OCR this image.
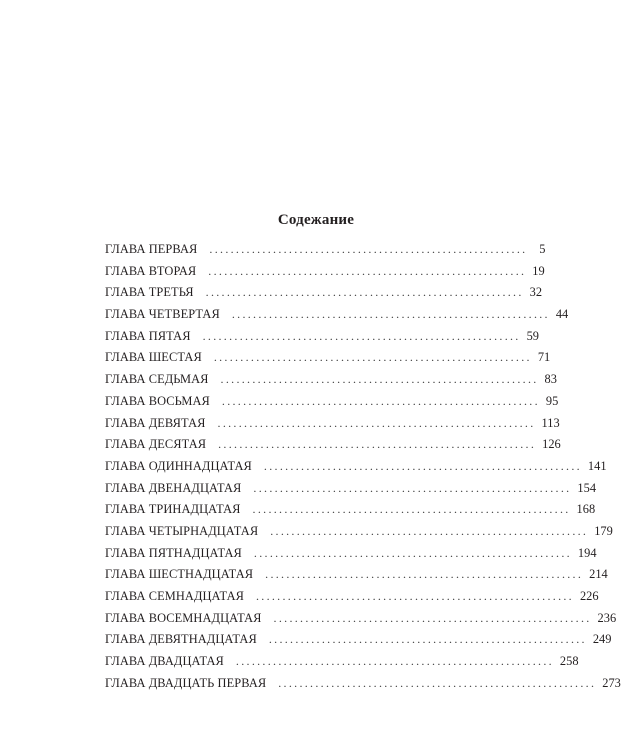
Содежание
ГЛАВА ПЕРВАЯ ............................................................ 5
ГЛАВА ВТОРАЯ ............................................................ 19
ГЛАВА ТРЕТЬЯ ............................................................ 32
ГЛАВА ЧЕТВЕРТАЯ ............................................................ 44
ГЛАВА ПЯТАЯ ............................................................ 59
ГЛАВА ШЕСТАЯ ............................................................ 71
ГЛАВА СЕДЬМАЯ ............................................................ 83
ГЛАВА ВОСЬМАЯ ............................................................ 95
ГЛАВА ДЕВЯТАЯ ............................................................ 113
ГЛАВА ДЕСЯТАЯ ............................................................ 126
ГЛАВА ОДИННАДЦАТАЯ ............................................................ 141
ГЛАВА ДВЕНАДЦАТАЯ ............................................................ 154
ГЛАВА ТРИНАДЦАТАЯ ............................................................ 168
ГЛАВА ЧЕТЫРНАДЦАТАЯ ............................................................ 179
ГЛАВА ПЯТНАДЦАТАЯ ............................................................ 194
ГЛАВА ШЕСТНАДЦАТАЯ ............................................................ 214
ГЛАВА СЕМНАДЦАТАЯ ............................................................ 226
ГЛАВА ВОСЕМНАДЦАТАЯ ............................................................ 236
ГЛАВА ДЕВЯТНАДЦАТАЯ ............................................................ 249
ГЛАВА ДВАДЦАТАЯ ............................................................ 258
ГЛАВА ДВАДЦАТЬ ПЕРВАЯ ............................................................ 273
